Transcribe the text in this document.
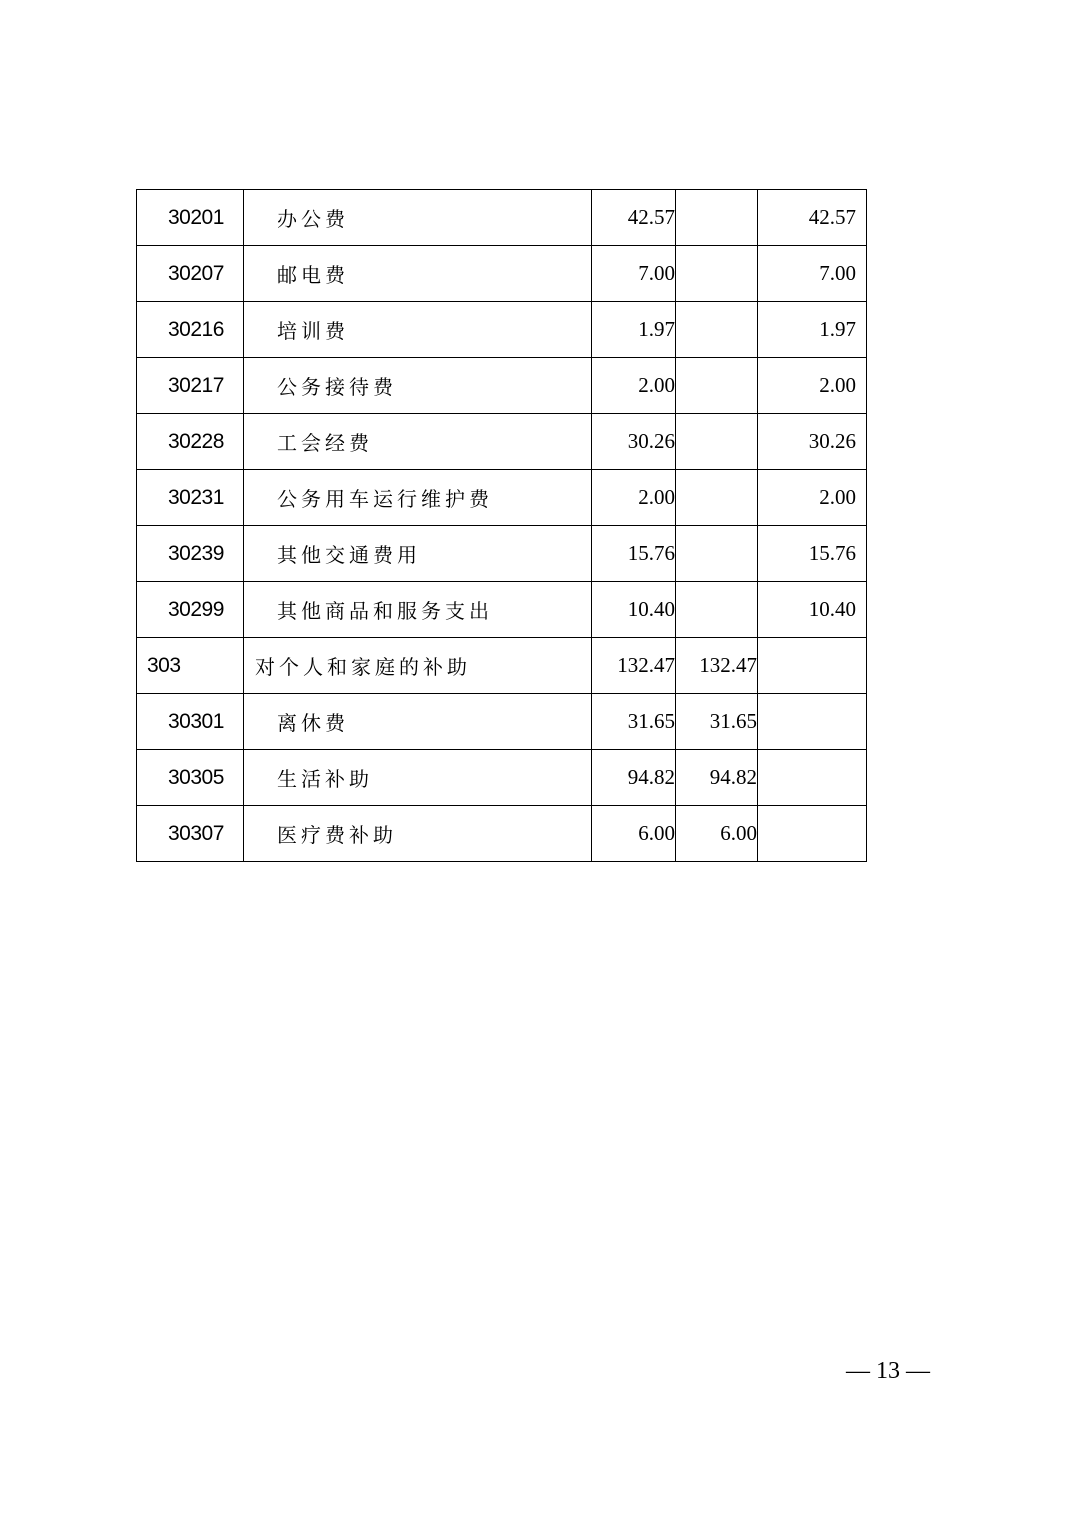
30201	办公费	42.57		42.57
30207	邮电费	7.00		7.00
30216	培训费	1.97		1.97
30217	公务接待费	2.00		2.00
30228	工会经费	30.26		30.26
30231	公务用车运行维护费	2.00		2.00
30239	其他交通费用	15.76		15.76
30299	其他商品和服务支出	10.40		10.40
303	对个人和家庭的补助	132.47	132.47	
30301	离休费	31.65	31.65	
30305	生活补助	94.82	94.82	
30307	医疗费补助	6.00	6.00	
— 13 —
